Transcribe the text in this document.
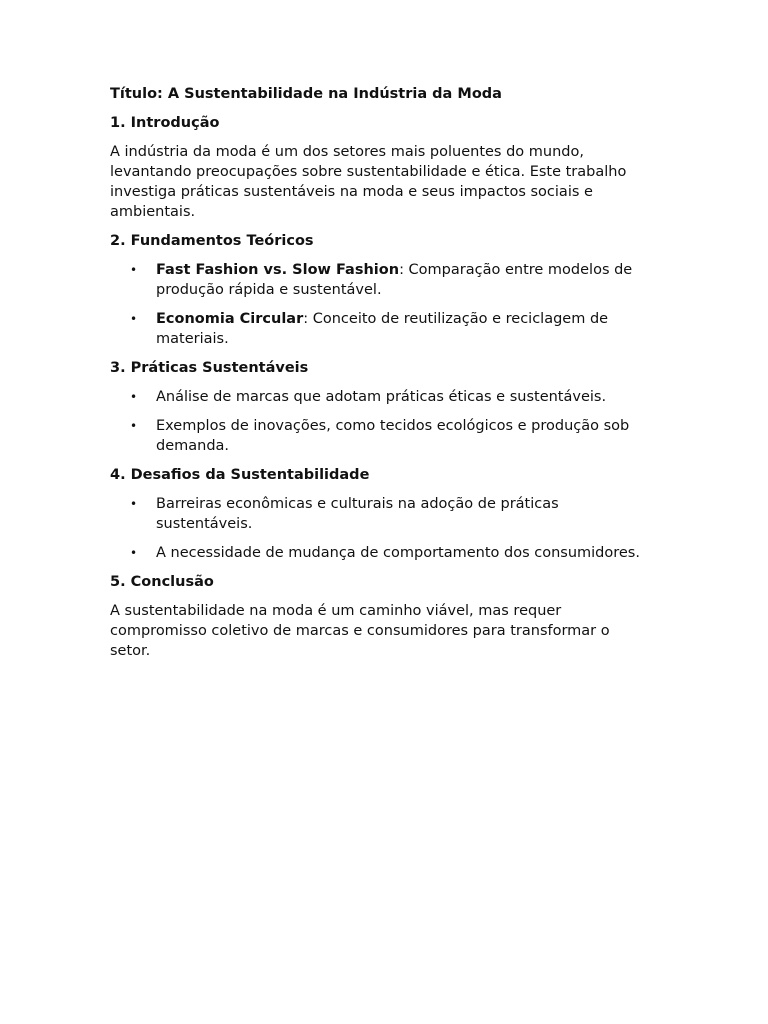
Título: A Sustentabilidade na Indústria da Moda
1. Introdução

A indústria da moda é um dos setores mais poluentes do mundo, levantando preocupações sobre sustentabilidade e ética. Este trabalho investiga práticas sustentáveis na moda e seus impactos sociais e ambientais.

2. Fundamentos Teóricos
• Fast Fashion vs. Slow Fashion: Comparação entre modelos de produção rápida e sustentável.
• Economia Circular: Conceito de reutilização e reciclagem de materiais.
3. Práticas Sustentáveis
• Análise de marcas que adotam práticas éticas e sustentáveis.
• Exemplos de inovações, como tecidos ecológicos e produção sob demanda.
4. Desafios da Sustentabilidade
• Barreiras econômicas e culturais na adoção de práticas sustentáveis.
• A necessidade de mudança de comportamento dos consumidores.
5. Conclusão

A sustentabilidade na moda é um caminho viável, mas requer compromisso coletivo de marcas e consumidores para transformar o setor.
